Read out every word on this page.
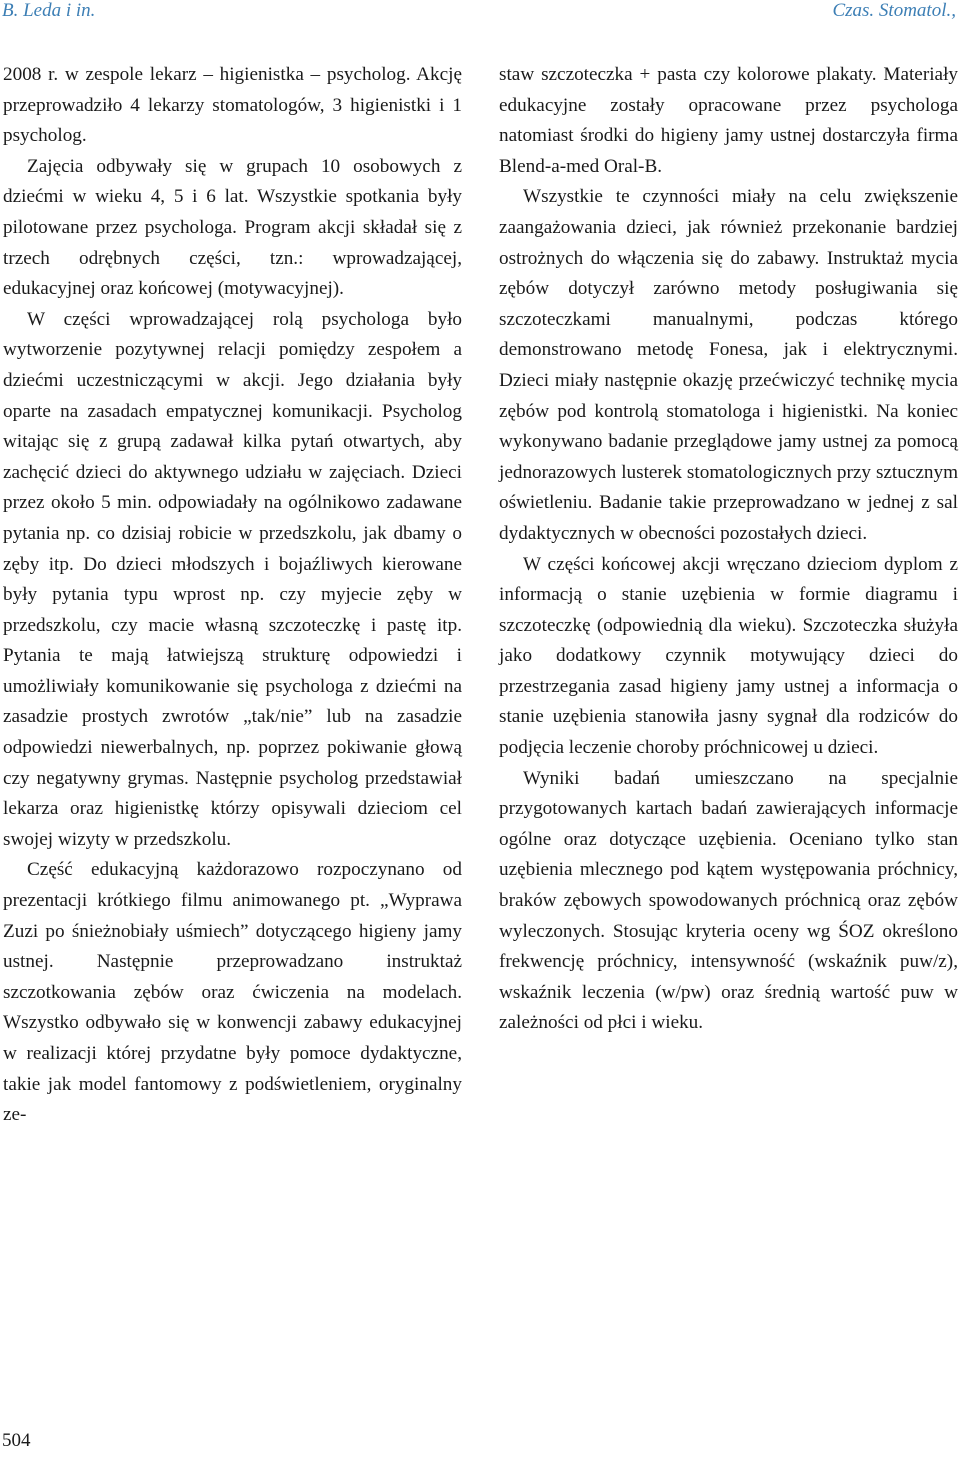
B. Leda i in.	Czas. Stomatol.,

2008 r. w zespole lekarz – higienistka – psycholog. Akcję przeprowadziło 4 lekarzy stomatologów, 3 higienistki i 1 psycholog.

Zajęcia odbywały się w grupach 10 osobowych z dziećmi w wieku 4, 5 i 6 lat. Wszystkie spotkania były pilotowane przez psychologa. Program akcji składał się z trzech odrębnych części, tzn.: wprowadzającej, edukacyjnej oraz końcowej (motywacyjnej).

W części wprowadzającej rolą psychologa było wytworzenie pozytywnej relacji pomiędzy zespołem a dziećmi uczestniczącymi w akcji. Jego działania były oparte na zasadach empatycznej komunikacji. Psycholog witając się z grupą zadawał kilka pytań otwartych, aby zachęcić dzieci do aktywnego udziału w zajęciach. Dzieci przez około 5 min. odpowiadały na ogólnikowo zadawane pytania np. co dzisiaj robicie w przedszkolu, jak dbamy o zęby itp. Do dzieci młodszych i bojaźliwych kierowane były pytania typu wprost np. czy myjecie zęby w przedszkolu, czy macie własną szczoteczkę i pastę itp. Pytania te mają łatwiejszą strukturę odpowiedzi i umożliwiały komunikowanie się psychologa z dziećmi na zasadzie prostych zwrotów „tak/nie” lub na zasadzie odpowiedzi niewerbalnych, np. poprzez pokiwanie głową czy negatywny grymas. Następnie psycholog przedstawiał lekarza oraz higienistkę którzy opisywali dzieciom cel swojej wizyty w przedszkolu.

Część edukacyjną każdorazowo rozpoczynano od prezentacji krótkiego filmu animowanego pt. „Wyprawa Zuzi po śnieżnobiały uśmiech” dotyczącego higieny jamy ustnej. Następnie przeprowadzano instruktaż szczotkowania zębów oraz ćwiczenia na modelach. Wszystko odbywało się w konwencji zabawy edukacyjnej w realizacji której przydatne były pomoce dydaktyczne, takie jak model fantomowy z podświetleniem, oryginalny ze-

staw szczoteczka + pasta czy kolorowe plakaty. Materiały edukacyjne zostały opracowane przez psychologa natomiast środki do higieny jamy ustnej dostarczyła firma Blend-a-med Oral-B.

Wszystkie te czynności miały na celu zwiększenie zaangażowania dzieci, jak również przekonanie bardziej ostrożnych do włączenia się do zabawy. Instruktaż mycia zębów dotyczył zarówno metody posługiwania się szczoteczkami manualnymi, podczas którego demonstrowano metodę Fonesa, jak i elektrycznymi. Dzieci miały następnie okazję przećwiczyć technikę mycia zębów pod kontrolą stomatologa i higienistki. Na koniec wykonywano badanie przeglądowe jamy ustnej za pomocą jednorazowych lusterek stomatologicznych przy sztucznym oświetleniu. Badanie takie przeprowadzano w jednej z sal dydaktycznych w obecności pozostałych dzieci.

W części końcowej akcji wręczano dzieciom dyplom z informacją o stanie uzębienia w formie diagramu i szczoteczkę (odpowiednią dla wieku). Szczoteczka służyła jako dodatkowy czynnik motywujący dzieci do przestrzegania zasad higieny jamy ustnej a informacja o stanie uzębienia stanowiła jasny sygnał dla rodziców do podjęcia leczenie choroby próchnicowej u dzieci.

Wyniki badań umieszczano na specjalnie przygotowanych kartach badań zawierających informacje ogólne oraz dotyczące uzębienia. Oceniano tylko stan uzębienia mlecznego pod kątem występowania próchnicy, braków zębowych spowodowanych próchnicą oraz zębów wyleczonych. Stosując kryteria oceny wg ŚOZ określono frekwencję próchnicy, intensywność (wskaźnik puw/z), wskaźnik leczenia (w/pw) oraz średnią wartość puw w zależności od płci i wieku.

504
